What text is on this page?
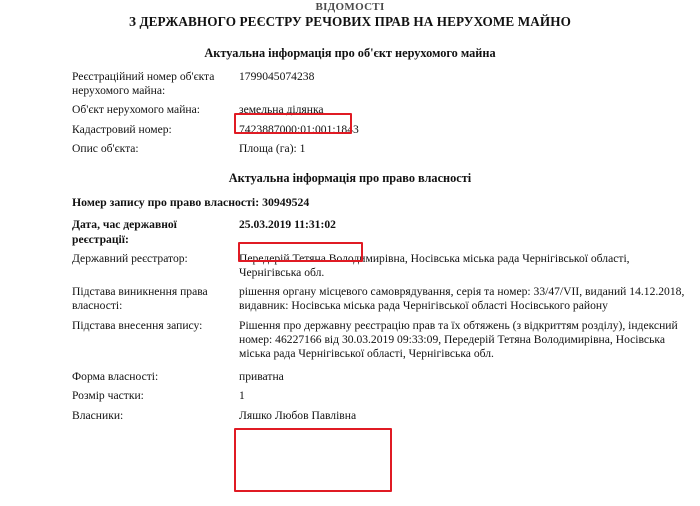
ВІДОМОСТІ
З ДЕРЖАВНОГО РЕЄСТРУ РЕЧОВИХ ПРАВ НА НЕРУХОМЕ МАЙНО
Актуальна інформація про об'єкт нерухомого майна
Реєстраційний номер об'єкта нерухомого майна:
1799045074238
Об'єкт нерухомого майна:	земельна ділянка
Кадастровий номер:	7423887000:01:001:1843
Опис об'єкта:	Площа (га): 1
Актуальна інформація про право власності
Номер запису про право власності: 30949524
Дата, час державної реєстрації:
25.03.2019 11:31:02
Державний реєстратор:	Передерій Тетяна Володимирівна, Носівська міська рада Чернігівської області, Чернігівська обл.
Підстава виникнення права власності:
рішення органу місцевого самоврядування, серія та номер: 33/47/VII, виданий 14.12.2018, видавник: Носівська міська рада Чернігівської області Носівського району
Підстава внесення запису:	Рішення про державну реєстрацію прав та їх обтяжень (з відкриттям розділу), індексний номер: 46227166 від 30.03.2019 09:33:09, Передерій Тетяна Володимирівна, Носівська міська рада Чернігівської області, Чернігівська обл.
Форма власності:	приватна
Розмір частки:	1
Власники:	Ляшко Любов Павлівна
